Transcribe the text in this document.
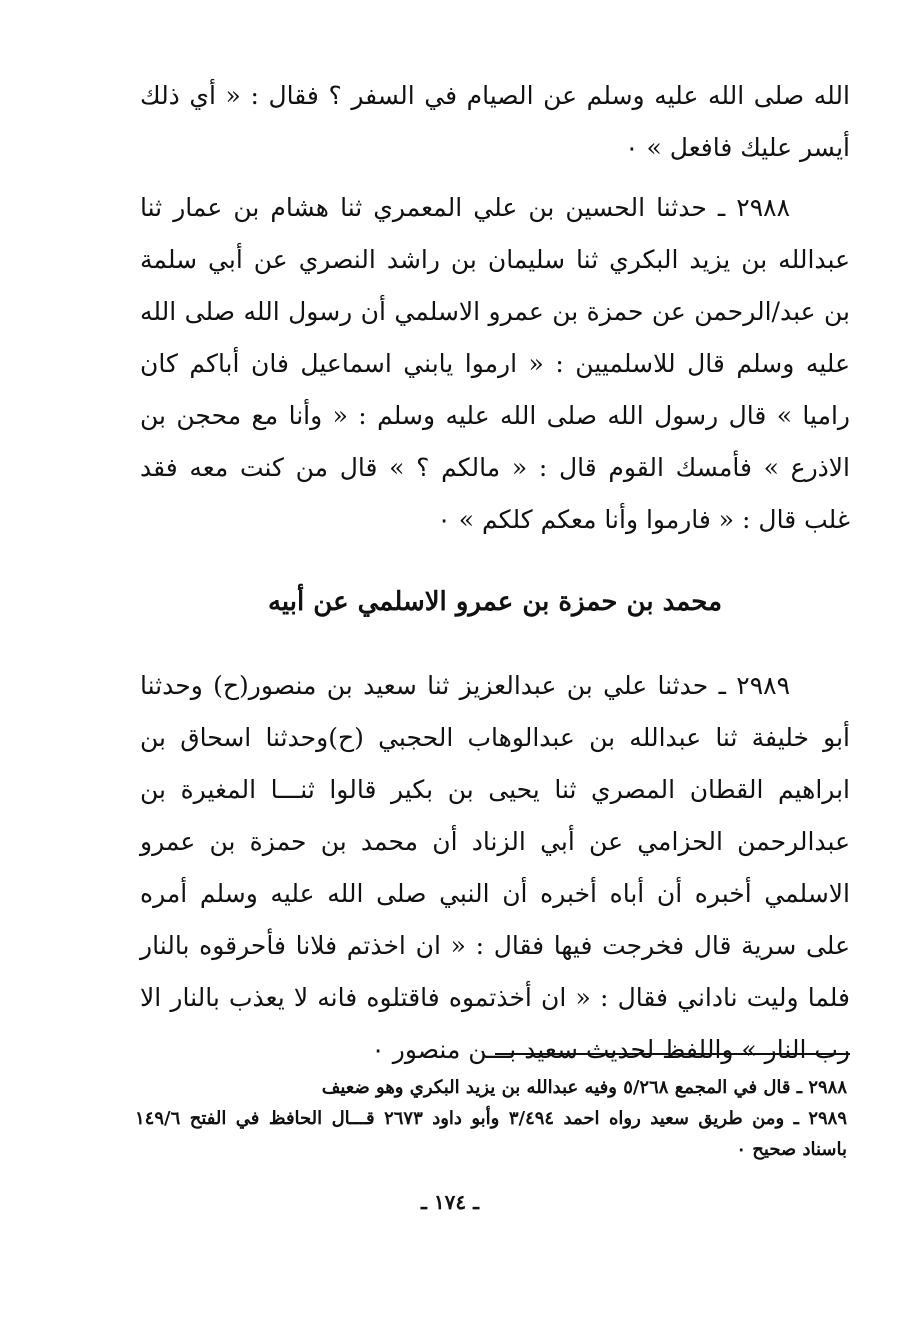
الله صلى الله عليه وسلم عن الصيام في السفر ؟ فقال : « أي ذلك أيسر عليك فافعل » ٠

٢٩٨٨ ـ حدثنا الحسين بن علي المعمري ثنا هشام بن عمار ثنا عبدالله بن يزيد البكري ثنا سليمان بن راشد النصري عن أبي سلمة بن عبد/الرحمن عن حمزة بن عمرو الاسلمي أن رسول الله صلى الله عليه وسلم قال للاسلميين : « ارموا يابني اسماعيل فان أباكم كان راميا » قال رسول الله صلى الله عليه وسلم : « وأنا مع محجن بن الاذرع » فأمسك القوم قال : « مالكم ؟ » قال من كنت معه فقد غلب قال : « فارموا وأنا معكم كلكم » ٠

محمد بن حمزة بن عمرو الاسلمي عن أبيه

٢٩٨٩ ـ حدثنا علي بن عبدالعزيز ثنا سعيد بن منصور(ح) وحدثنا أبو خليفة ثنا عبدالله بن عبدالوهاب الحجبي (ح)وحدثنا اسحاق بن ابراهيم القطان المصري ثنا يحيى بن بكير قالوا ثنـــا المغيرة بن عبدالرحمن الحزامي عن أبي الزناد أن محمد بن حمزة بن عمرو الاسلمي أخبره أن أباه أخبره أن النبي صلى الله عليه وسلم أمره على سرية قال فخرجت فيها فقال : « ان اخذتم فلانا فأحرقوه بالنار فلما وليت ناداني فقال : « ان أخذتموه فاقتلوه فانه لا يعذب بالنار الا رب النار » واللفظ لحديث سعيد بـــن منصور ٠

٢٩٨٨ ـ قال في المجمع ٥/٢٦٨ وفيه عبدالله بن يزيد البكري وهو ضعيف

٢٩٨٩ ـ ومن طريق سعيد رواه احمد ٣/٤٩٤ وأبو داود ٢٦٧٣ قـــال الحافظ في الفتح ١٤٩/٦ باسناد صحيح ٠

ـ ١٧٤ ـ
